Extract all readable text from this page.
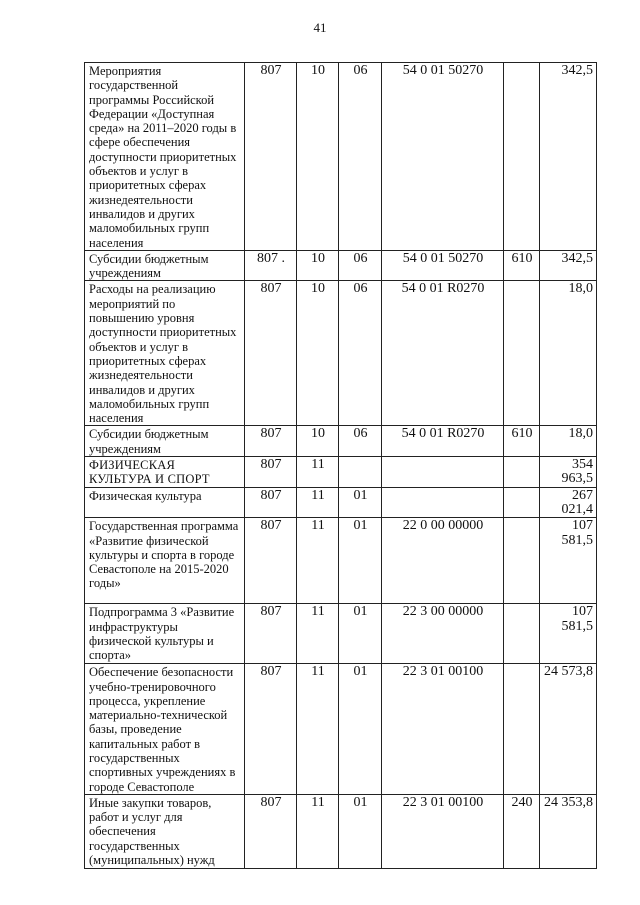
41
Мероприятия государственной программы Российской Федерации «Доступная среда» на 2011–2020 годы в сфере обеспечения доступности приоритетных объектов и услуг в приоритетных сферах жизнедеятельности инвалидов и других маломобильных групп населения	807	10	06	54 0 01 50270		342,5
Субсидии бюджетным учреждениям	807 .	10	06	54 0 01 50270	610	342,5
Расходы на реализацию мероприятий по повышению уровня доступности приоритетных объектов и услуг в приоритетных сферах жизнедеятельности инвалидов и других маломобильных групп населения	807	10	06	54 0 01 R0270		18,0
Субсидии бюджетным учреждениям	807	10	06	54 0 01 R0270	610	18,0
ФИЗИЧЕСКАЯ КУЛЬТУРА И СПОРТ	807	11				354 963,5
Физическая культура	807	11	01			267 021,4
Государственная программа «Развитие физической культуры и спорта в городе Севастополе на 2015-2020 годы»	807	11	01	22 0 00 00000		107 581,5
Подпрограмма 3 «Развитие инфраструктуры физической культуры и спорта»	807	11	01	22 3 00 00000		107 581,5
Обеспечение безопасности учебно-тренировочного процесса, укрепление материально-технической базы, проведение капитальных работ в государственных спортивных учреждениях в городе Севастополе	807	11	01	22 3 01 00100		24 573,8
Иные закупки товаров, работ и услуг для обеспечения государственных (муниципальных) нужд	807	11	01	22 3 01 00100	240	24 353,8
